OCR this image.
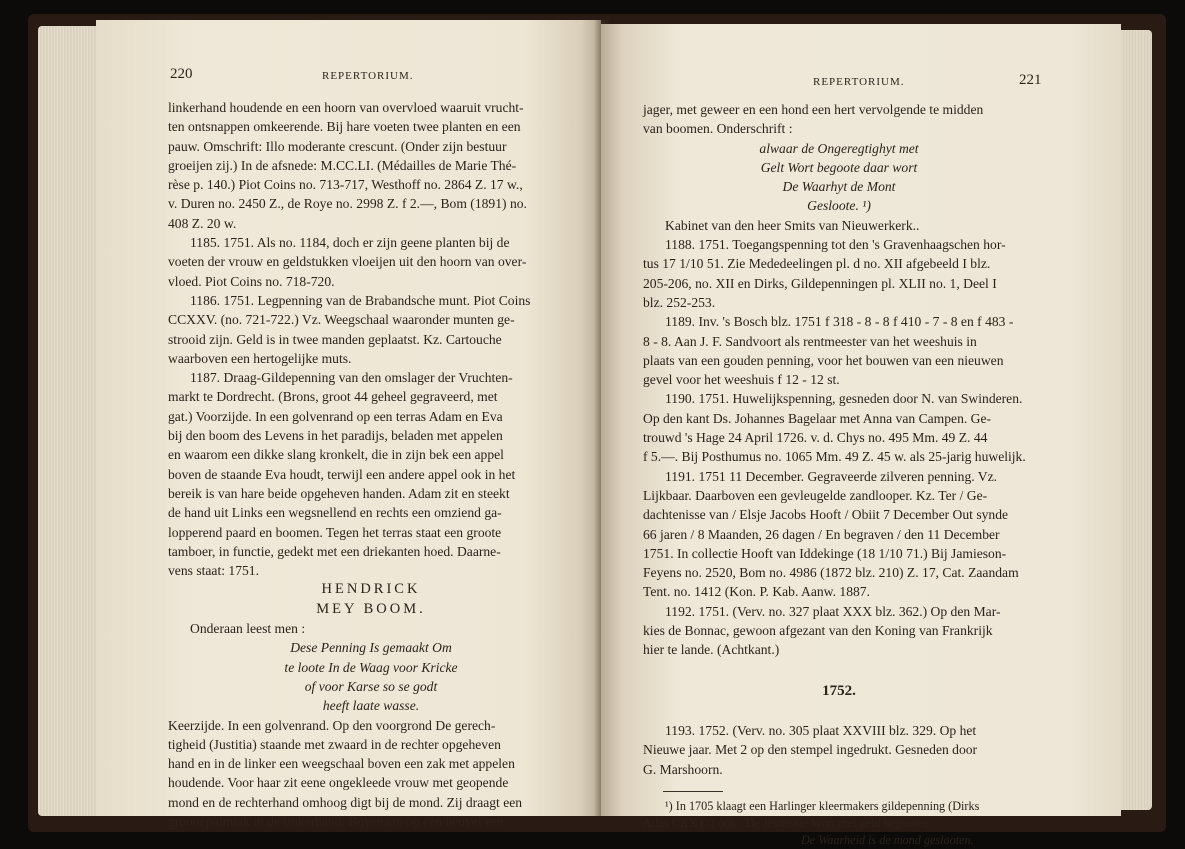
220	REPERTORIUM.
linkerhand houdende en een hoorn van overvloed waaruit vrucht-
ten ontsnappen omkeerende. Bij hare voeten twee planten en een
pauw. Omschrift: Illo moderante crescunt. (Onder zijn bestuur
groeijen zij.) In de afsnede: M.CC.LI. (Médailles de Marie Thé-
rèse p. 140.) Piot Coins no. 713-717, Westhoff no. 2864 Z. 17 w.,
v. Duren no. 2450 Z., de Roye no. 2998 Z. f 2.—, Bom (1891) no.
408 Z. 20 w.
1185. 1751. Als no. 1184, doch er zijn geene planten bij de
voeten der vrouw en geldstukken vloeijen uit den hoorn van over-
vloed. Piot Coins no. 718-720.
1186. 1751. Legpenning van de Brabandsche munt. Piot Coins
CCXXV. (no. 721-722.) Vz. Weegschaal waaronder munten ge-
strooid zijn. Geld is in twee manden geplaatst. Kz. Cartouche
waarboven een hertogelijke muts.
1187. Draag-Gildepenning van den omslager der Vruchten-
markt te Dordrecht. (Brons, groot 44 geheel gegraveerd, met
gat.) Voorzijde. In een golvenrand op een terras Adam en Eva
bij den boom des Levens in het paradijs, beladen met appelen
en waarom een dikke slang kronkelt, die in zijn bek een appel
boven de staande Eva houdt, terwijl een andere appel ook in het
bereik is van hare beide opgeheven handen. Adam zit en steekt
de hand uit Links een wegsnellend en rechts een omziend ga-
lopperend paard en boomen. Tegen het terras staat een groote
tamboer, in functie, gedekt met een driekanten hoed. Daarne-
vens staat: 1751.
HENDRICK
MEY BOOM.
Onderaan leest men :
Dese Penning Is gemaakt Om
te loote In de Waag voor Kricke
of voor Karse so se godt
heeft laate wasse.
Keerzijde. In een golvenrand. Op den voorgrond De gerech-
tigheid (Justitia) staande met zwaard in de rechter opgeheven
hand en in de linker een weegschaal boven een zak met appelen
houdende. Voor haar zit eene ongekleede vrouw met geopende
mond en de rechterhand omhoog digt bij de mond. Zij draagt een
groote palmtak in de linkerhand. Bovenaan op een heuvel een
REPERTORIUM.	221
jager, met geweer en een hond een hert vervolgende te midden
van boomen. Onderschrift :
alwaar de Ongeregtighyt met
Gelt Wort begoote daar wort
De Waarhyt de Mont
Gesloote. ¹)
Kabinet van den heer Smits van Nieuwerkerk..
1188. 1751. Toegangspenning tot den 's Gravenhaagschen hor-
tus 17 1/10 51. Zie Mededeelingen pl. d no. XII afgebeeld I blz.
205-206, no. XII en Dirks, Gildepenningen pl. XLII no. 1, Deel I
blz. 252-253.
1189. Inv. 's Bosch blz. 1751 f 318 - 8 - 8 f 410 - 7 - 8 en f 483 -
8 - 8. Aan J. F. Sandvoort als rentmeester van het weeshuis in
plaats van een gouden penning, voor het bouwen van een nieuwen
gevel voor het weeshuis f 12 - 12 st.
1190. 1751. Huwelijkspenning, gesneden door N. van Swinderen.
Op den kant Ds. Johannes Bagelaar met Anna van Campen. Ge-
trouwd 's Hage 24 April 1726. v. d. Chys no. 495 Mm. 49 Z. 44
f 5.—. Bij Posthumus no. 1065 Mm. 49 Z. 45 w. als 25-jarig huwelijk.
1191. 1751 11 December. Gegraveerde zilveren penning. Vz.
Lijkbaar. Daarboven een gevleugelde zandlooper. Kz. Ter / Ge-
dachtenisse van / Elsje Jacobs Hooft / Obiit 7 December Out synde
66 jaren / 8 Maanden, 26 dagen / En begraven / den 11 December
1751. In collectie Hooft van Iddekinge (18 1/10 71.) Bij Jamieson-
Feyens no. 2520, Bom no. 4986 (1872 blz. 210) Z. 17, Cat. Zaandam
Tent. no. 1412 (Kon. P. Kab. Aanw. 1887.
1192. 1751. (Verv. no. 327 plaat XXX blz. 362.) Op den Mar-
kies de Bonnac, gewoon afgezant van den Koning van Frankrijk
hier te lande. (Achtkant.)
1752.
1193. 1752. (Verv. no. 305 plaat XXVIII blz. 329. Op het
Nieuwe jaar. Met 2 op den stempel ingedrukt. Gesneden door
G. Marshoorn.
¹) In 1705 klaagt een Harlinger kleermakers gildepenning (Dirks
Atlas CXX (3) ook : De Jestiessie Wort met geld begooten
De Waarheid is de mond geslooten.
